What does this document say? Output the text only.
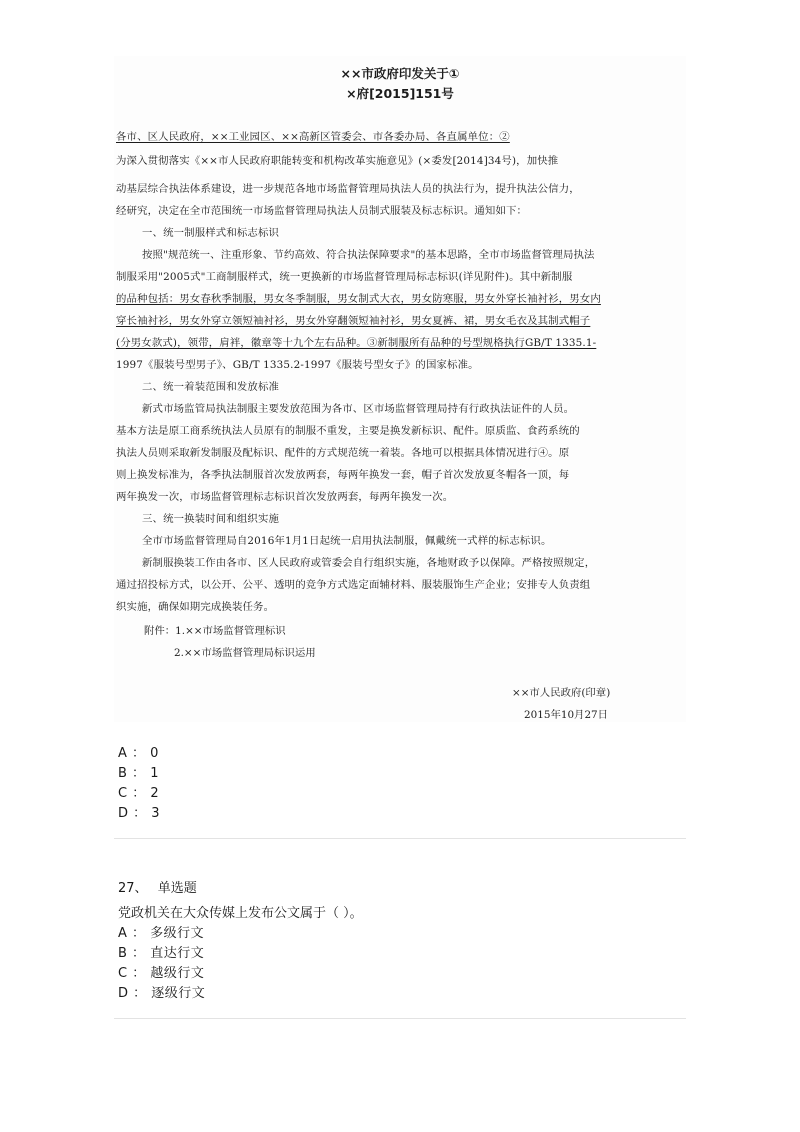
××市政府印发关于①
×府[2015]151号
各市、区人民政府，××工业园区、××高新区管委会、市各委办局、各直属单位：②
为深入贯彻落实《××市人民政府职能转变和机构改革实施意见》(×委发[2014]34号)，加快推
动基层综合执法体系建设，进一步规范各地市场监督管理局执法人员的执法行为，提升执法公信力，
经研究，决定在全市范围统一市场监督管理局执法人员制式服装及标志标识。通知如下：
一、统一制服样式和标志标识
按照"规范统一、注重形象、节约高效、符合执法保障要求"的基本思路，全市市场监督管理局执法
制服采用"2005式"工商制服样式，统一更换新的市场监督管理局标志标识(详见附件)。其中新制服
的品种包括：男女春秋季制服，男女冬季制服，男女制式大衣，男女防寒服，男女外穿长袖衬衫，男女内
穿长袖衬衫，男女外穿立领短袖衬衫，男女外穿翻领短袖衬衫，男女夏裤、裙，男女毛衣及其制式帽子
(分男女款式)，领带，肩袢，徽章等十九个左右品种。③新制服所有品种的号型规格执行GB/T 1335.1-
1997《服装号型男子》、GB/T 1335.2-1997《服装号型女子》的国家标准。
二、统一着装范围和发放标准
新式市场监管局执法制服主要发放范围为各市、区市场监督管理局持有行政执法证件的人员。
基本方法是原工商系统执法人员原有的制服不重发，主要是换发新标识、配件。原质监、食药系统的
执法人员则采取新发制服及配标识、配件的方式规范统一着装。各地可以根据具体情况进行④。原
则上换发标准为，各季执法制服首次发放两套，每两年换发一套，帽子首次发放夏冬帽各一顶，每
两年换发一次，市场监督管理标志标识首次发放两套，每两年换发一次。
三、统一换装时间和组织实施
全市市场监督管理局自2016年1月1日起统一启用执法制服，佩戴统一式样的标志标识。
新制服换装工作由各市、区人民政府或管委会自行组织实施，各地财政予以保障。严格按照规定，
通过招投标方式，以公开、公平、透明的竞争方式选定面辅材料、服装服饰生产企业；安排专人负责组
织实施，确保如期完成换装任务。
附件：1.××市场监督管理标识
2.××市场监督管理局标识运用
××市人民政府(印章)
2015年10月27日
A ： 0
B ： 1
C ： 2
D ： 3
27、 单选题
党政机关在大众传媒上发布公文属于（ ）。
A ： 多级行文
B ： 直达行文
C ： 越级行文
D ： 逐级行文
